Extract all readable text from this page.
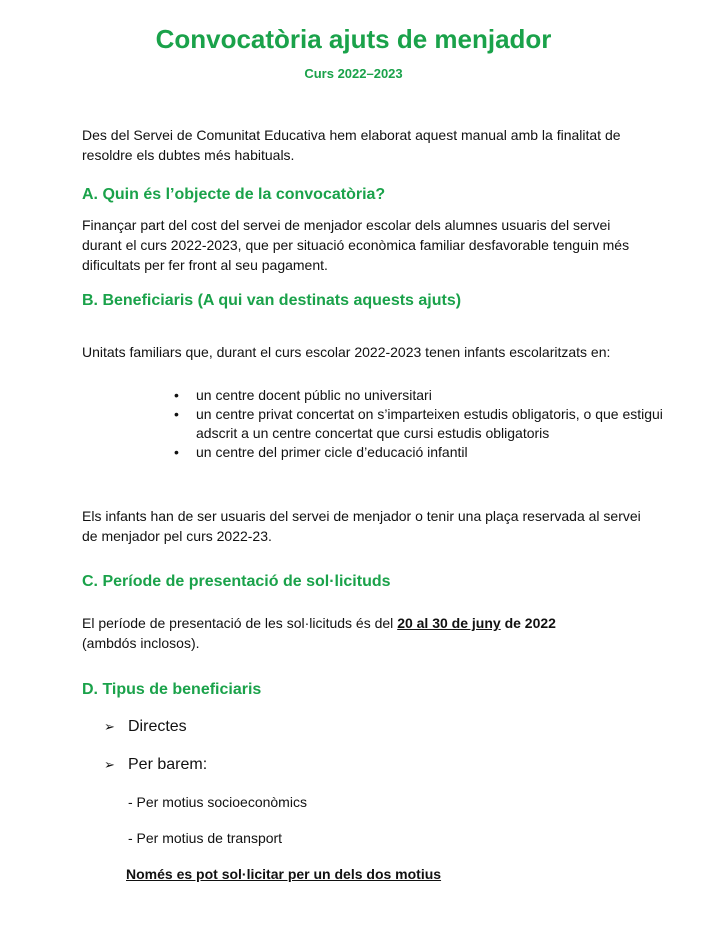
Convocatòria ajuts de menjador
Curs 2022–2023
Des del Servei de Comunitat Educativa hem elaborat aquest manual amb la finalitat de resoldre els dubtes més habituals.
A. Quin és l’objecte de la convocatòria?
Finançar part del cost del servei de menjador escolar dels alumnes usuaris del servei durant el curs 2022-2023, que per situació econòmica familiar desfavorable tenguin més dificultats per fer front al seu pagament.
B. Beneficiaris (A qui van destinats aquests ajuts)
Unitats familiars que, durant el curs escolar 2022-2023 tenen infants escolaritzats en:
• un centre docent públic no universitari
• un centre privat concertat on s’imparteixen estudis obligatoris, o que estigui adscrit a un centre concertat que cursi estudis obligatoris
• un centre del primer cicle d’educació infantil
Els infants han de ser usuaris del servei de menjador o tenir una plaça reservada al servei de menjador pel curs 2022-23.
C. Període de presentació de sol·licituds
El període de presentació de les sol·licituds és del 20 al 30 de juny de 2022
(ambdós inclosos).
D. Tipus de beneficiaris
➢ Directes
➢ Per barem:
- Per motius socioeconòmics
- Per motius de transport
Només es pot sol·licitar per un dels dos motius
